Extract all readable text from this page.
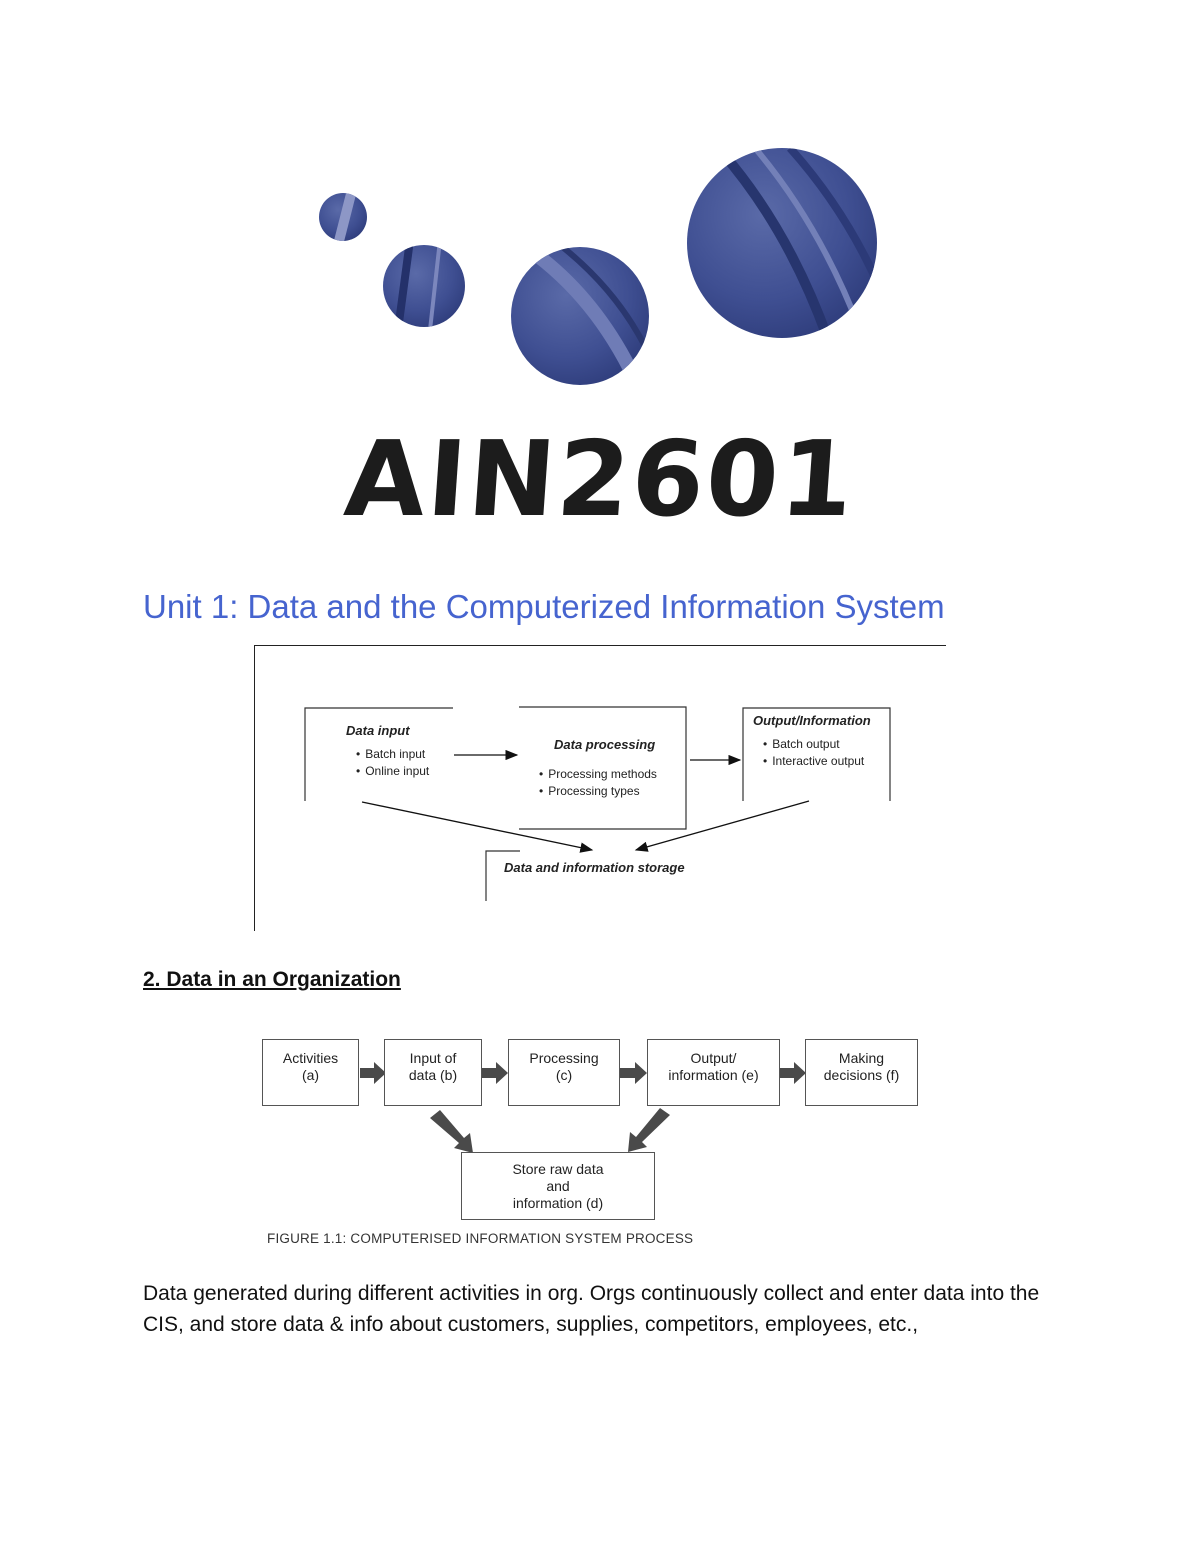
AIN2601
Unit 1: Data and the Computerized Information System
Data input
• Batch input
• Online input
Data processing
• Processing methods
• Processing types
Output/Information
• Batch output
• Interactive output
Data and information storage
2. Data in an Organization
Activities
(a)
Input of
data (b)
Processing
(c)
Output/
information (e)
Making
decisions (f)
Store raw data
and
information (d)
FIGURE 1.1: COMPUTERISED INFORMATION SYSTEM PROCESS
Data generated during different activities in org. Orgs continuously collect and enter data into the CIS, and store data & info about customers, supplies, competitors, employees, etc.,
